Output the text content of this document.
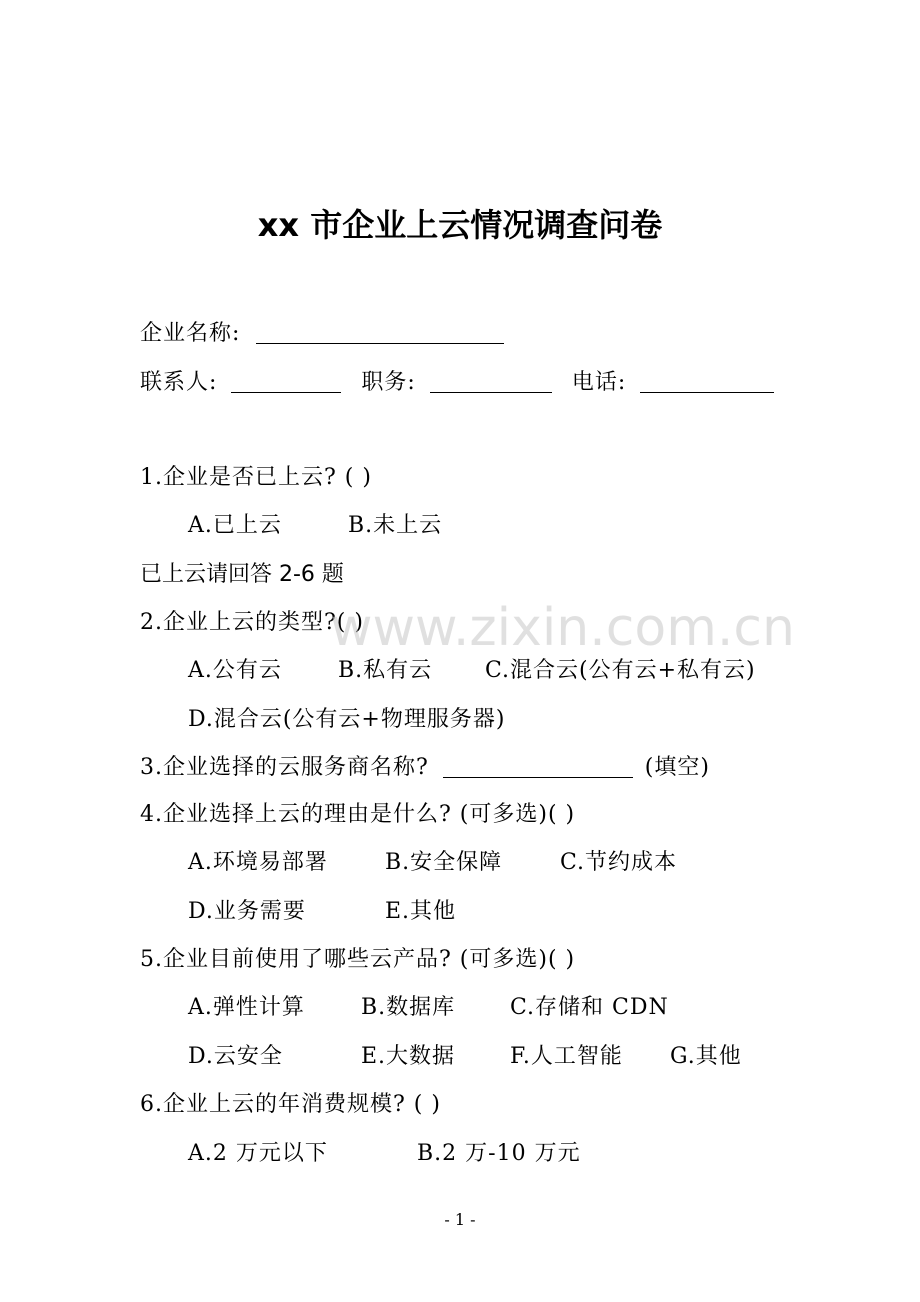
xx 市企业上云情况调查问卷
企业名称:
联系人:	职务:	电话:
1.企业是否已上云? ( )
A.已上云	B.未上云
已上云请回答 2-6 题
2.企业上云的类型?( )
A.公有云	B.私有云 C.混合云(公有云+私有云)
D.混合云(公有云+物理服务器)
3.企业选择的云服务商名称?	(填空)
4.企业选择上云的理由是什么? (可多选)( )
A.环境易部署	B.安全保障	C.节约成本
D.业务需要	E.其他
5.企业目前使用了哪些云产品? (可多选)( )
A.弹性计算	B.数据库 C.存储和 CDN
D.云安全	E.大数据 F.人工智能 G.其他
6.企业上云的年消费规模? ( )
A.2 万元以下	B.2 万-10 万元
www.zixin.com.cn
- 1 -
